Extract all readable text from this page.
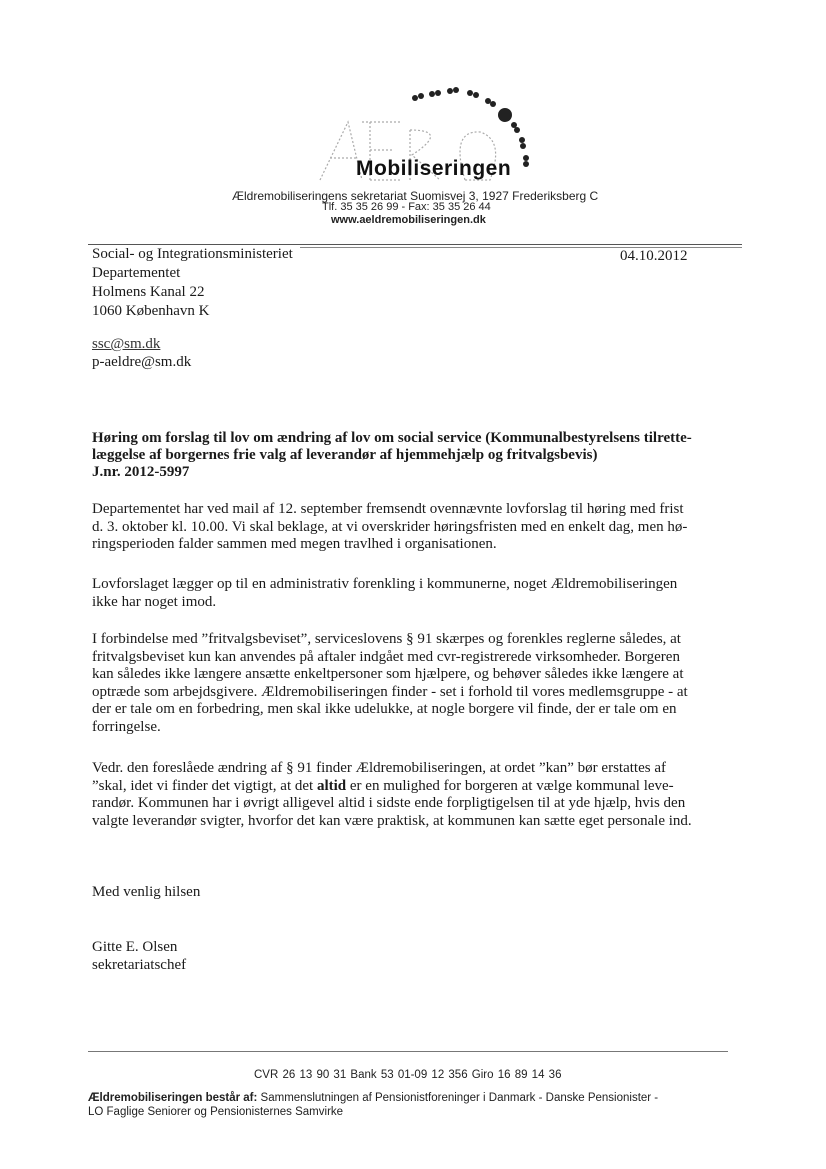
Mobiliseringen
Ældremobiliseringens sekretariat Suomisvej 3, 1927 Frederiksberg C
Tlf. 35 35 26 99 - Fax: 35 35 26 44
www.aeldremobiliseringen.dk
Social- og Integrationsministeriet
Departementet
Holmens Kanal 22
1060 København K
04.10.2012
ssc@sm.dk
p-aeldre@sm.dk
Høring om forslag til lov om ændring af lov om social service (Kommunalbestyrelsens tilrette-
læggelse af borgernes frie valg af leverandør af hjemmehjælp og fritvalgsbevis)
J.nr. 2012-5997
Departementet har ved mail af 12. september fremsendt ovennævnte lovforslag til høring med frist
d. 3. oktober kl. 10.00. Vi skal beklage, at vi overskrider høringsfristen med en enkelt dag, men hø-
ringsperioden falder sammen med megen travlhed i organisationen.
Lovforslaget lægger op til en administrativ forenkling i kommunerne, noget Ældremobiliseringen
ikke har noget imod.
I forbindelse med ”fritvalgsbeviset”, serviceslovens § 91 skærpes og forenkles reglerne således, at
fritvalgsbeviset kun kan anvendes på aftaler indgået med cvr-registrerede virksomheder. Borgeren
kan således ikke længere ansætte enkeltpersoner som hjælpere, og behøver således ikke længere at
optræde som arbejdsgivere. Ældremobiliseringen finder - set i forhold til vores medlemsgruppe - at
der er tale om en forbedring, men skal ikke udelukke, at nogle borgere vil finde, der er tale om en
forringelse.
Vedr. den foreslåede ændring af § 91 finder Ældremobiliseringen, at ordet ”kan” bør erstattes af
”skal, idet vi finder det vigtigt, at det altid er en mulighed for borgeren at vælge kommunal leve-
randør. Kommunen har i øvrigt alligevel altid i sidste ende forpligtigelsen til at yde hjælp, hvis den
valgte leverandør svigter, hvorfor det kan være praktisk, at kommunen kan sætte eget personale ind.
Med venlig hilsen
Gitte E. Olsen
sekretariatschef
CVR 26 13 90 31 Bank 53 01-09 12 356 Giro 16 89 14 36
Ældremobiliseringen består af: Sammenslutningen af Pensionistforeninger i Danmark - Danske Pensionister -
LO Faglige Seniorer og Pensionisternes Samvirke
